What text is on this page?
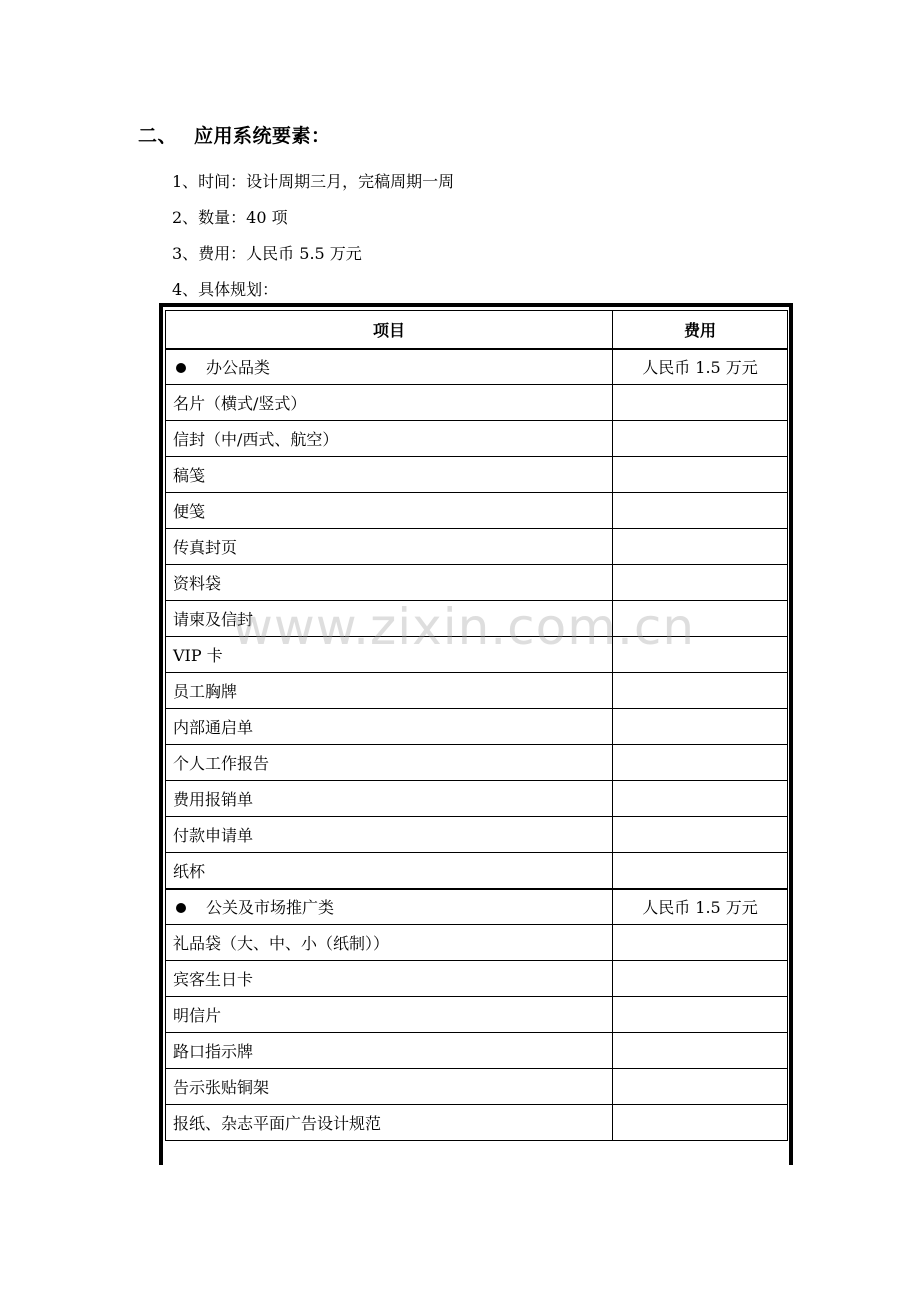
二、 应用系统要素：
1、时间：设计周期三月，完稿周期一周
2、数量：40 项
3、费用：人民币 5.5 万元
4、具体规划：
项目	费用
办公品类	人民币 1.5 万元
名片（横式/竖式）	
信封（中/西式、航空）	
稿笺	
便笺	
传真封页	
资料袋	
请柬及信封	
VIP 卡	
员工胸牌	
内部通启单	
个人工作报告	
费用报销单	
付款申请单	
纸杯	
公关及市场推广类	人民币 1.5 万元
礼品袋（大、中、小（纸制））	
宾客生日卡	
明信片	
路口指示牌	
告示张贴铜架	
报纸、杂志平面广告设计规范	
www.zixin.com.cn
